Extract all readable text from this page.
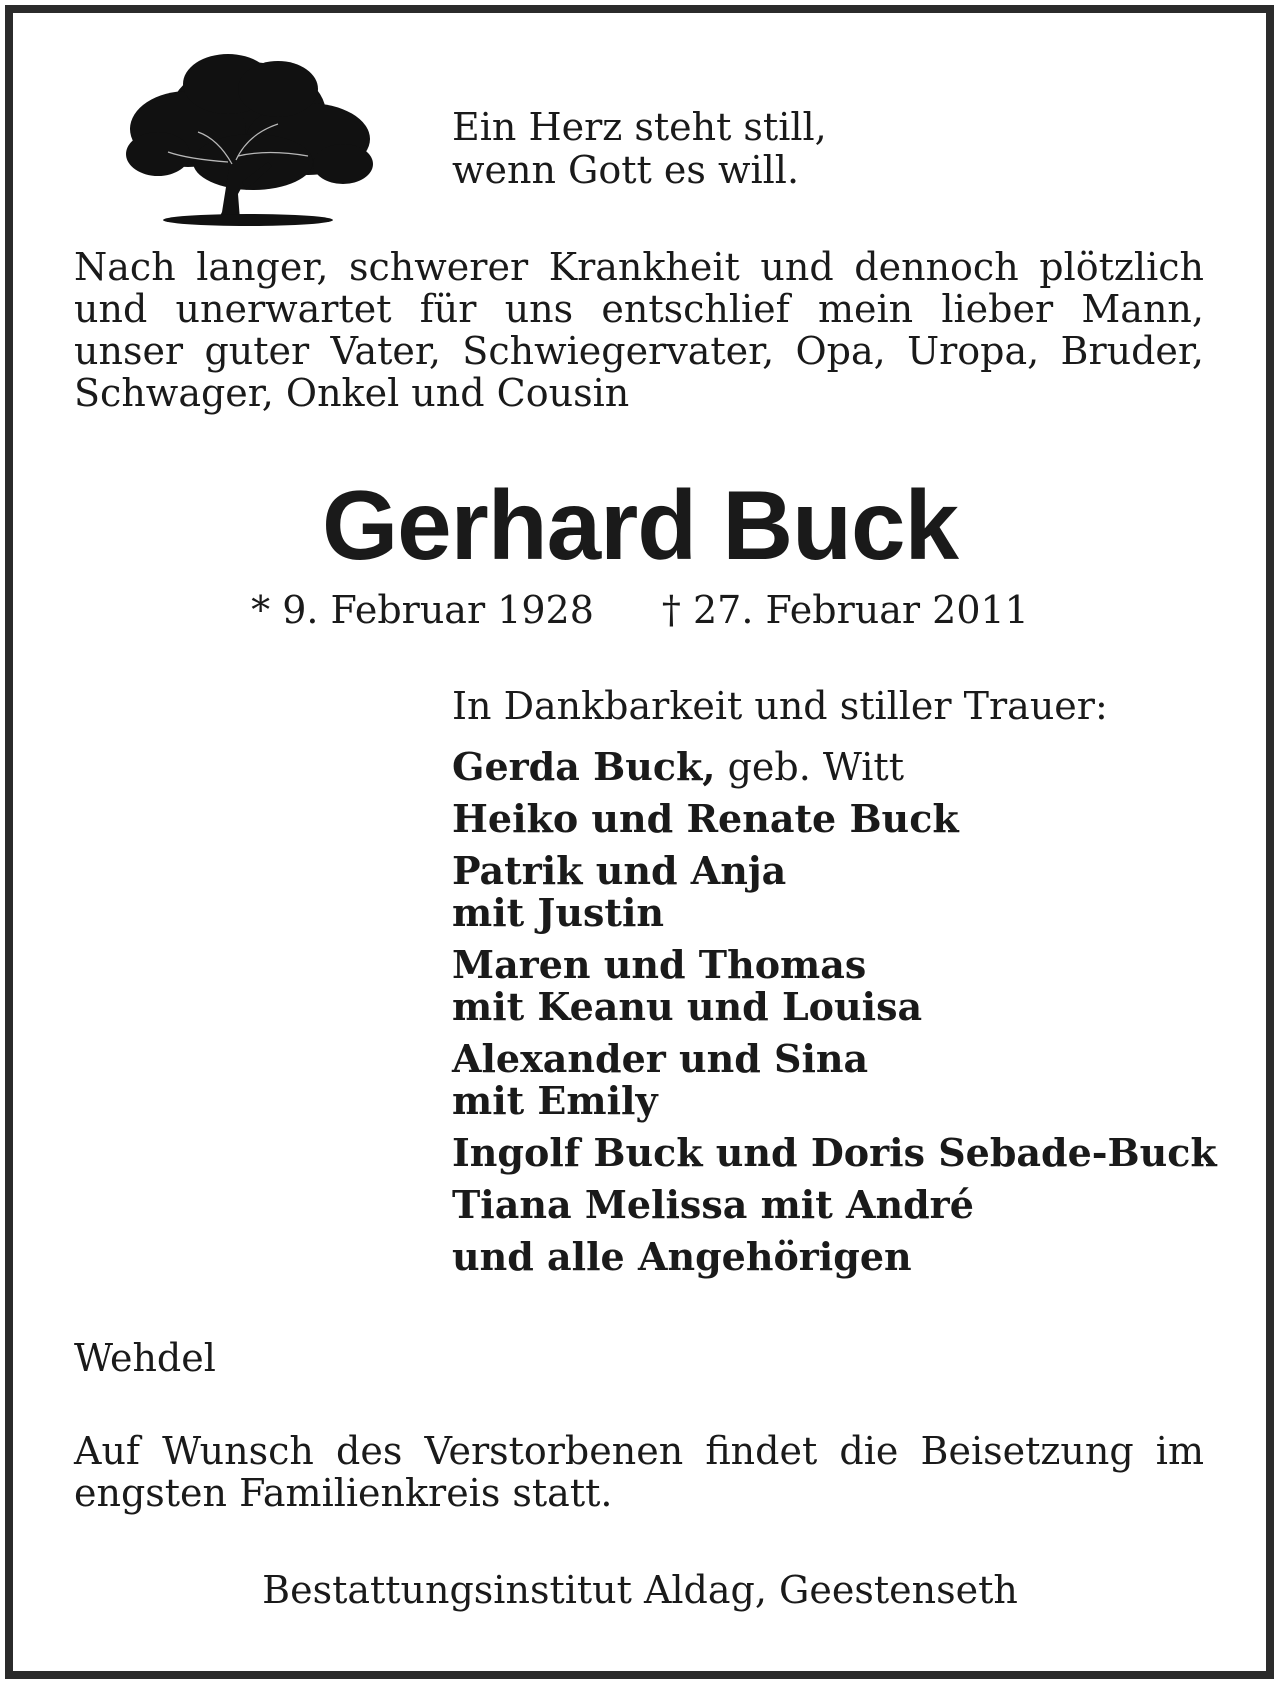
Ein Herz steht still,
wenn Gott es will.
Nach langer, schwerer Krankheit und dennoch plötzlich und unerwartet für uns entschlief mein lieber Mann, unser guter Vater, Schwiegervater, Opa, Uropa, Bruder, Schwager, Onkel und Cousin
Gerhard Buck
* 9. Februar 1928 † 27. Februar 2011
In Dankbarkeit und stiller Trauer:
Gerda Buck, geb. Witt
Heiko und Renate Buck
Patrik und Anja
mit Justin
Maren und Thomas
mit Keanu und Louisa
Alexander und Sina
mit Emily
Ingolf Buck und Doris Sebade-Buck
Tiana Melissa mit André
und alle Angehörigen
Wehdel
Auf Wunsch des Verstorbenen findet die Beisetzung im engsten Familienkreis statt.
Bestattungsinstitut Aldag, Geestenseth
